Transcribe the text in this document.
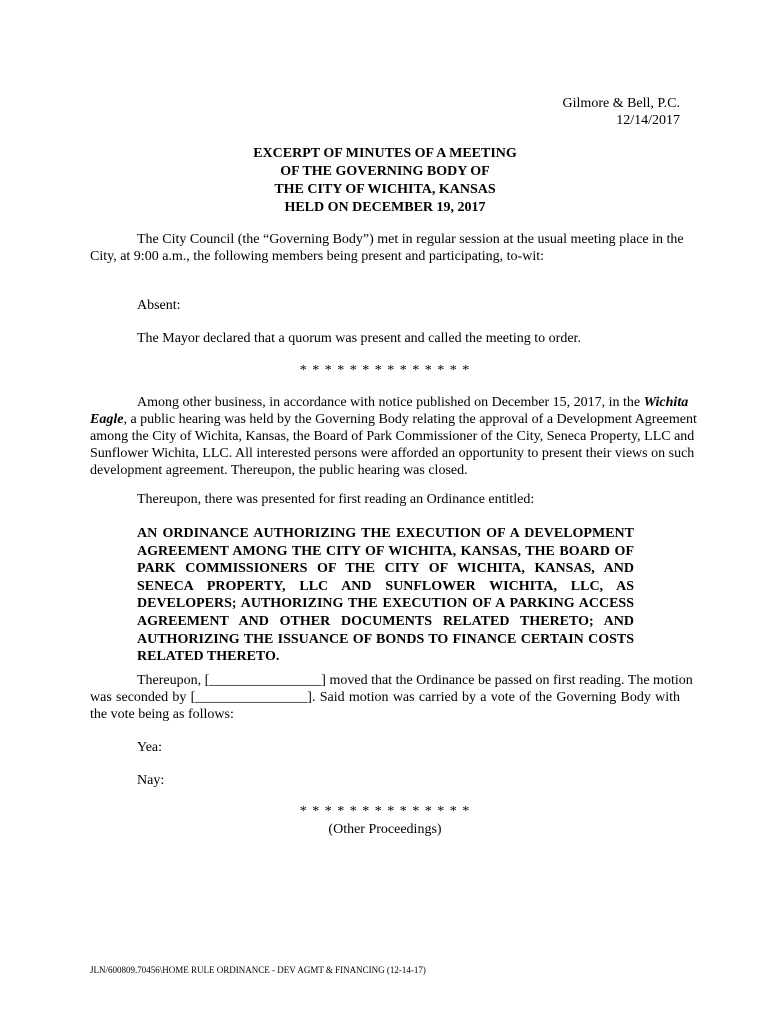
Gilmore & Bell, P.C.
12/14/2017
EXCERPT OF MINUTES OF A MEETING
OF THE GOVERNING BODY OF
THE CITY OF WICHITA, KANSAS
HELD ON DECEMBER 19, 2017
The City Council (the “Governing Body”) met in regular session at the usual meeting place in the
City, at 9:00 a.m., the following members being present and participating, to-wit:
Absent:
The Mayor declared that a quorum was present and called the meeting to order.
* * * * * * * * * * * * * *
Among other business, in accordance with notice published on December 15, 2017, in the Wichita
Eagle, a public hearing was held by the Governing Body relating the approval of a Development Agreement
among the City of Wichita, Kansas, the Board of Park Commissioner of the City, Seneca Property, LLC and
Sunflower Wichita, LLC. All interested persons were afforded an opportunity to present their views on such
development agreement. Thereupon, the public hearing was closed.
Thereupon, there was presented for first reading an Ordinance entitled:
AN ORDINANCE AUTHORIZING THE EXECUTION OF A DEVELOPMENT
AGREEMENT AMONG THE CITY OF WICHITA, KANSAS, THE BOARD OF
PARK COMMISSIONERS OF THE CITY OF WICHITA, KANSAS, AND
SENECA PROPERTY, LLC AND SUNFLOWER WICHITA, LLC, AS
DEVELOPERS; AUTHORIZING THE EXECUTION OF A PARKING ACCESS
AGREEMENT AND OTHER DOCUMENTS RELATED THERETO; AND
AUTHORIZING THE ISSUANCE OF BONDS TO FINANCE CERTAIN COSTS
RELATED THERETO.
Thereupon, [________________] moved that the Ordinance be passed on first reading. The motion
was seconded by [________________]. Said motion was carried by a vote of the Governing Body with
the vote being as follows:
Yea:
Nay:
* * * * * * * * * * * * * *
(Other Proceedings)
JLN/600809.70456\HOME RULE ORDINANCE - DEV AGMT & FINANCING (12-14-17)
